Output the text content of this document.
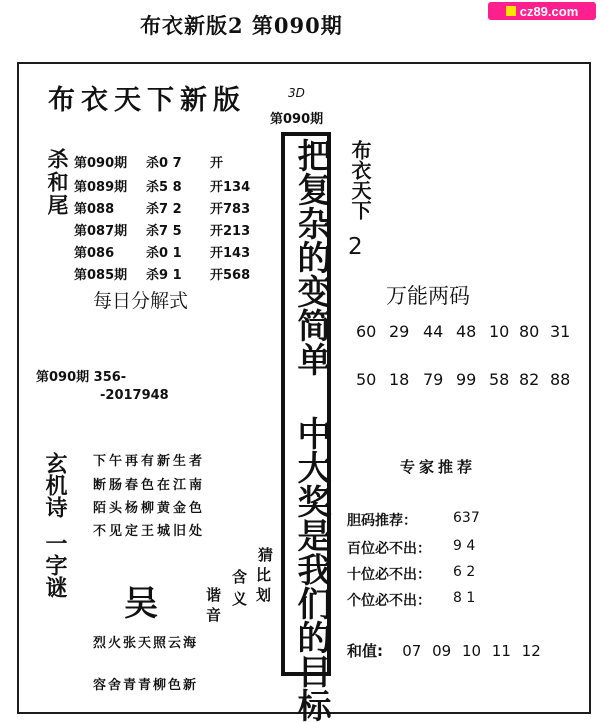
布衣新版2 第090期
cz89.com
布衣天下新版	3D
第090期
杀和尾 第090期 杀0 7 开
第089期 杀5 8 开134
第088 杀7 2 开783
第087期 杀7 5 开213
第086 杀0 1 开143
第085期 杀9 1 开568
每日分解式
第090期 356-
-2017948	把复杂的变简单 中大奖是我们的目标 布衣天下
2
万能两码
60 29 44 48 10 80 31
50 18 79 99 58 82 88
玄机诗
一字谜
下午再有新生者
断肠春色在江南
陌头杨柳黄金色
不见定王城旧处
吴
猜
比
划
含
义
谐
音
烈火张天照云海
容舍青青柳色新
专家推荐
胆码推荐：	637
百位必不出： 9 4
十位必不出： 6 2
个位必不出： 8 1
和值: 07 09 10 11 12
